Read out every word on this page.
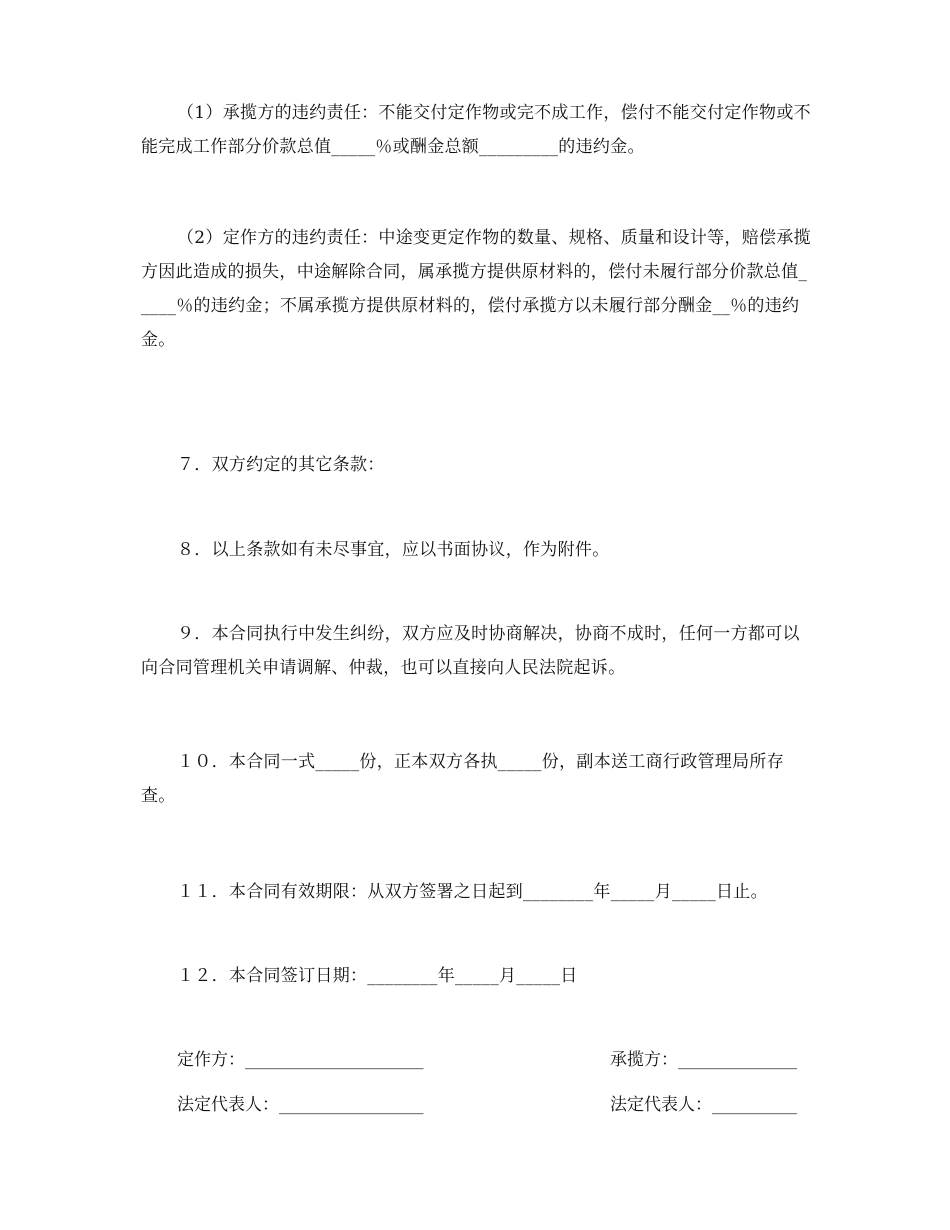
（1）承揽方的违约责任：不能交付定作物或完不成工作，偿付不能交付定作物或不能完成工作部分价款总值_____％或酬金总额_________的违约金。

（2）定作方的违约责任：中途变更定作物的数量、规格、质量和设计等，赔偿承揽方因此造成的损失，中途解除合同，属承揽方提供原材料的，偿付未履行部分价款总值_____％的违约金；不属承揽方提供原材料的，偿付承揽方以未履行部分酬金__％的违约金。

７．双方约定的其它条款：

８．以上条款如有未尽事宜，应以书面协议，作为附件。

９．本合同执行中发生纠纷，双方应及时协商解决，协商不成时，任何一方都可以向合同管理机关申请调解、仲裁，也可以直接向人民法院起诉。

１０．本合同一式_____份，正本双方各执_____份，副本送工商行政管理局所存查。

１１．本合同有效期限：从双方签署之日起到________年_____月_____日止。

１２．本合同签订日期：________年_____月_____日

定作方：_____________________	承揽方：______________
法定代表人：_________________	法定代表人：__________
